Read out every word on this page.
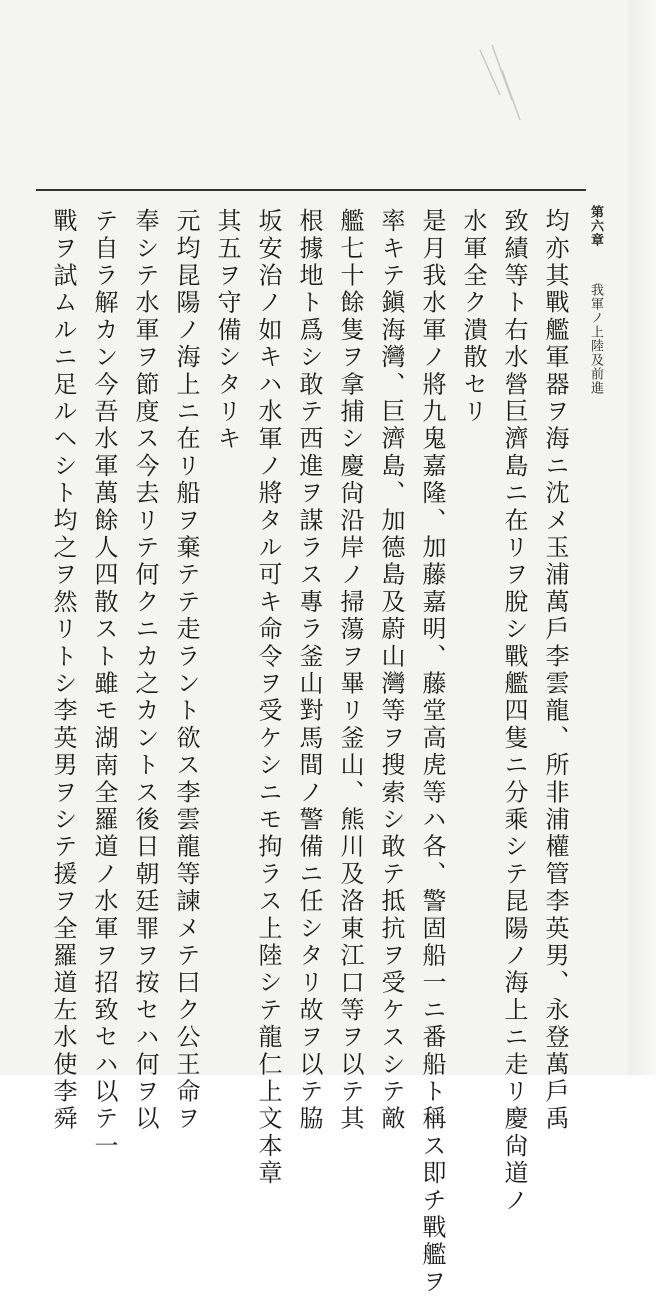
第六章 我軍ノ上陸及前進
均亦其戰艦軍器ヲ海ニ沈メ玉浦萬戶李雲龍、所非浦權管李英男、永登萬戶禹
致績等ト右水營巨濟島ニ在リヲ脫シ戰艦四隻ニ分乘シテ昆陽ノ海上ニ走リ慶尙道ノ
水軍全ク潰散セリ
是月我水軍ノ將九鬼嘉隆、加藤嘉明、藤堂高虎等ハ各、警固船一ニ番船ト稱ス即チ戰艦ヲ
率キテ鎭海灣、巨濟島、加德島及蔚山灣等ヲ搜索シ敢テ抵抗ヲ受ケスシテ敵
艦七十餘隻ヲ拿捕シ慶尙沿岸ノ掃蕩ヲ畢リ釜山、熊川及洛東江口等ヲ以テ其
根據地ト爲シ敢テ西進ヲ謀ラス專ラ釜山對馬間ノ警備ニ任シタリ故ヲ以テ脇
坂安治ノ如キハ水軍ノ將タル可キ命令ヲ受ケシニモ拘ラス上陸シテ龍仁上文本章
其五ヲ守備シタリキ
元均昆陽ノ海上ニ在リ船ヲ棄テテ走ラント欲ス李雲龍等諫メテ曰ク公王命ヲ
奉シテ水軍ヲ節度ス今去リテ何クニカ之カントス後日朝廷罪ヲ按セハ何ヲ以
テ自ラ解カン今吾水軍萬餘人四散スト雖モ湖南全羅道ノ水軍ヲ招致セハ以テ一
戰ヲ試ムルニ足ルヘシト均之ヲ然リトシ李英男ヲシテ援ヲ全羅道左水使李舜
